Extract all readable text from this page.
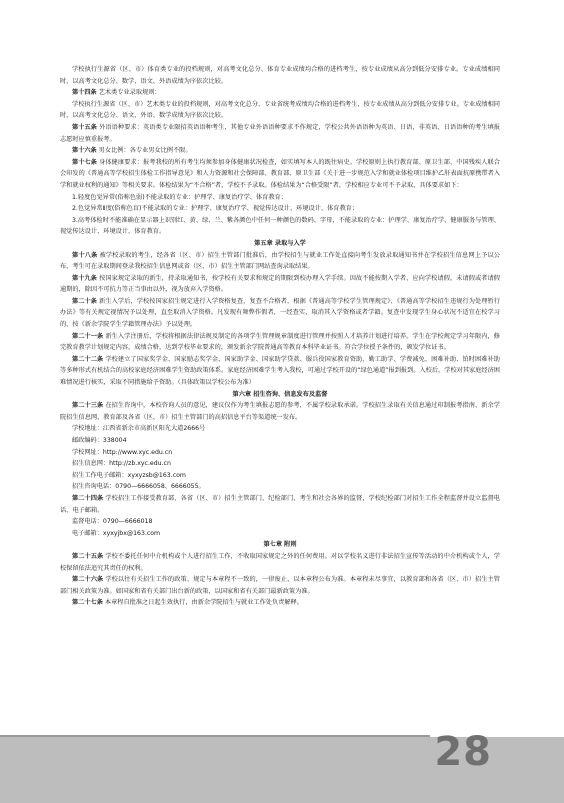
学校执行生源省（区、市）体育类专业的投档规则，对高考文化总分、体育专业成绩均合格的进档考生，按专业成绩从高分到低分安排专业。专业成绩相同时，以高考文化总分、数学、语文、外语成绩为序依次比较。

第十四条 艺术类专业录取规则：

学校执行生源省（区、市）艺术类专业的投档规则，对高考文化总分、专业省统考成绩均合格的进档考生，按专业成绩从高分到低分安排专业。专业成绩相同时，以高考文化总分、语文、外语、数学成绩为序依次比较。

第十五条 外语语种要求：英语类专业限招英语语种考生，其他专业外语语种要求不作规定，学校公共外语语种为英语、日语，非英语、日语语种的考生填报志愿时应慎重报考。

第十六条 男女比例：各专业男女比例不限。

第十七条 身体健康要求：报考我校的所有考生均须参加身体健康状况检查，如实填写本人的既往病史。学校原则上执行教育部、原卫生部、中国残疾人联合会印发的《普通高等学校招生体检工作指导意见》和人力资源和社会保障部、教育部、原卫生部《关于进一步规范入学和就业体检项目维护乙肝表面抗原携带者入学和就业权利的通知》等相关要求。体检结果为“不合格”者，学校不予录取。体检结果为“合格受限”者，学校相应专业可不予录取，具体要求如下：

1.轻度色觉异常(俗称色弱)不能录取的专业：护理学、康复治疗学、体育教育；

2.色觉异常Ⅱ度(俗称色盲)不能录取的专业：护理学、康复治疗学、视觉传达设计、环境设计、体育教育；

3.高考体检时不能准确在显示器上识别红、黄、绿、兰、紫各颜色中任何一种颜色的数码、字母，不能录取的专业：护理学、康复治疗学、健康服务与管理、视觉传达设计、环境设计、体育教育。

第五章 录取与入学

第十八条 被学校录取的考生，经各省（区、市）招生主管部门批准后，由学校招生与就业工作处直接向考生发放录取通知书并在学校招生信息网上予以公布，考生可在录取期间登录我校招生信息网或省（区、市）招生主管部门网站查询录取结果。

第十九条 按国家规定录取的新生，持录取通知书，按学校有关要求和规定的期限到校办理入学手续。因故不能按期入学者，应向学校请假。未请假或者请假逾期的，除因不可抗力等正当事由以外，视为放弃入学资格。

第二十条 新生入学后，学校按国家招生规定进行入学资格复查，复查不合格者，根据《普通高等学校学生管理规定》、《普通高等学校招生违规行为处理暂行办法》等有关规定视情况予以处理，直至取消入学资格。凡发现有舞弊作假者，一经查实，取消其入学资格或者学籍。复查中发现学生身心状况不适宜在校学习的，按《新余学院学生学籍管理办法》予以处理。

第二十一条 新生入学注册后，学校将根据法律法规及制定的各项学生管理规章制度进行管理并按照人才培养计划进行培养。学生在学校规定学习年限内，修完教育教学计划规定内容，成绩合格，达到学校毕业要求的，颁发新余学院普通高等教育本科毕业证书。符合学位授予条件的，颁发学位证书。

第二十二条 学校建立了国家奖学金、国家励志奖学金、国家助学金、国家助学贷款、服兵役国家教育资助、勤工助学、学费减免、困难补助、铂时困难补助等多种形式有机结合的高校家庭经济困难学生资助政策体系。家庭经济困难学生考入我校，可通过学校开设的“绿色通道”报到报到。入校后，学校对其家庭经济困难情况进行核实，采取不同措施给予资助。（具体政策以学校公布为准）

第六章 招生咨询、信息发布及监督

第二十三条 在招生咨询中，本校咨询人员的意见，建议仅作为考生填报志愿的参考，不属学校录取承诺。学校招生录取有关信息通过印制报考指南、新余学院招生信息网、教育部及各省（区、市）招生主管部门的高招信息平台等渠道统一发布。

学校地址：江西省新余市高新区阳光大道2666号

邮政编码：338004

学校网址：http://www.xyc.edu.cn

招生信息网：http://zb.xyc.edu.cn

招生工作电子邮箱：xyxyzsb@163.com

招生咨询电话：0790—6666058、6666055。

第二十四条 学校招生工作接受教育部、各省（区、市）招生主管部门、纪检部门、考生和社会各界的监督，学校纪检部门对招生工作全程监督并设立监督电话、电子邮箱。

监督电话：0790—6666018

电子邮箱：xyxyjbx@163.com

第七章 附则

第二十五条 学校不委托任何中介机构或个人进行招生工作，不收取国家规定之外的任何费用。对以学校名义进行非法招生宣传等活动的中介机构或个人，学校保留依法追究其责任的权利。

第二十六条 学校以往有关招生工作的政策、规定与本章程不一致的，一律废止，以本章程公布为准。本章程未尽事宜，以教育部和各省（区、市）招生主管部门相关政策为准。如国家和省有关部门出台新的政策，以国家和省有关部门最新政策为准。

第二十七条 本章程自批准之日起生效执行，由新余学院招生与就业工作处负责解释。

28
